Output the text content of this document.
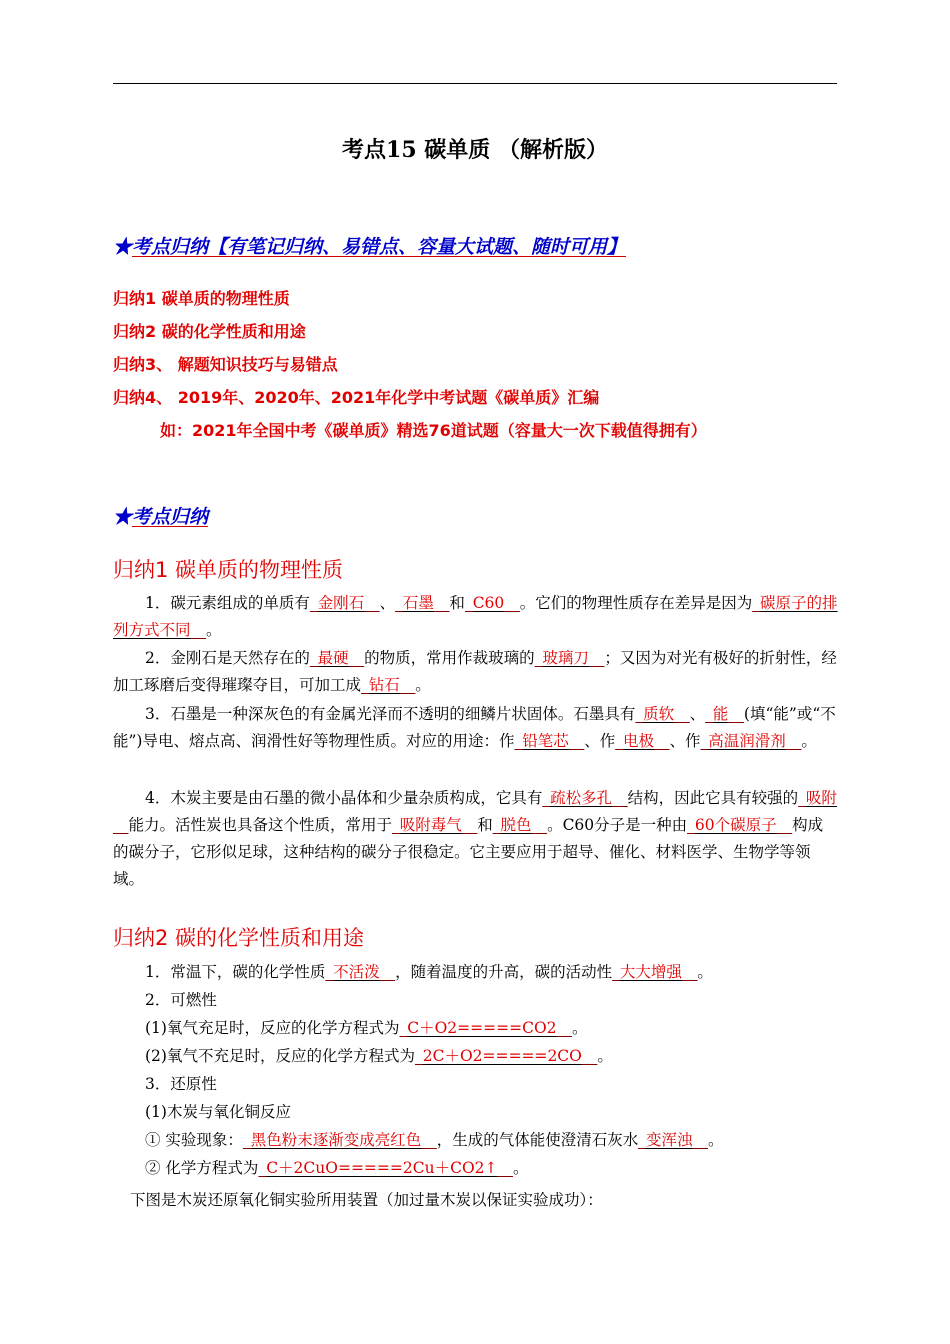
考点15 碳单质 （解析版）
★考点归纳【有笔记归纳、易错点、容量大试题、随时可用】
归纳1 碳单质的物理性质
归纳2 碳的化学性质和用途
归纳3、 解题知识技巧与易错点
归纳4、 2019年、2020年、2021年化学中考试题《碳单质》汇编
如：2021年全国中考《碳单质》精选76道试题（容量大一次下载值得拥有）
★考点归纳
归纳1 碳单质的物理性质
1．碳元素组成的单质有_金刚石__、_石墨__和_C60__。它们的物理性质存在差异是因为_碳原子的排列方式不同__。
2．金刚石是天然存在的_最硬__的物质，常用作裁玻璃的_玻璃刀__；又因为对光有极好的折射性，经加工琢磨后变得璀璨夺目，可加工成_钻石__。
3．石墨是一种深灰色的有金属光泽而不透明的细鳞片状固体。石墨具有_质软__、_能__(填“能”或“不能”)导电、熔点高、润滑性好等物理性质。对应的用途：作_铅笔芯__、作_电极__、作_高温润滑剂__。
4．木炭主要是由石墨的微小晶体和少量杂质构成，它具有_疏松多孔__结构，因此它具有较强的_吸附__能力。活性炭也具备这个性质，常用于_吸附毒气__和_脱色__。C60分子是一种由_60个碳原子__构成的碳分子，它形似足球，这种结构的碳分子很稳定。它主要应用于超导、催化、材料医学、生物学等领域。
归纳2 碳的化学性质和用途
1．常温下，碳的化学性质_不活泼__，随着温度的升高，碳的活动性_大大增强__。
2．可燃性
(1)氧气充足时，反应的化学方程式为_C＋O2=====CO2__。
(2)氧气不充足时，反应的化学方程式为_2C＋O2=====2CO__。
3．还原性
(1)木炭与氧化铜反应
① 实验现象：_黑色粉末逐渐变成亮红色__，生成的气体能使澄清石灰水_变浑浊__。
② 化学方程式为_C＋2CuO=====2Cu＋CO2↑__。
下图是木炭还原氧化铜实验所用装置（加过量木炭以保证实验成功）：
